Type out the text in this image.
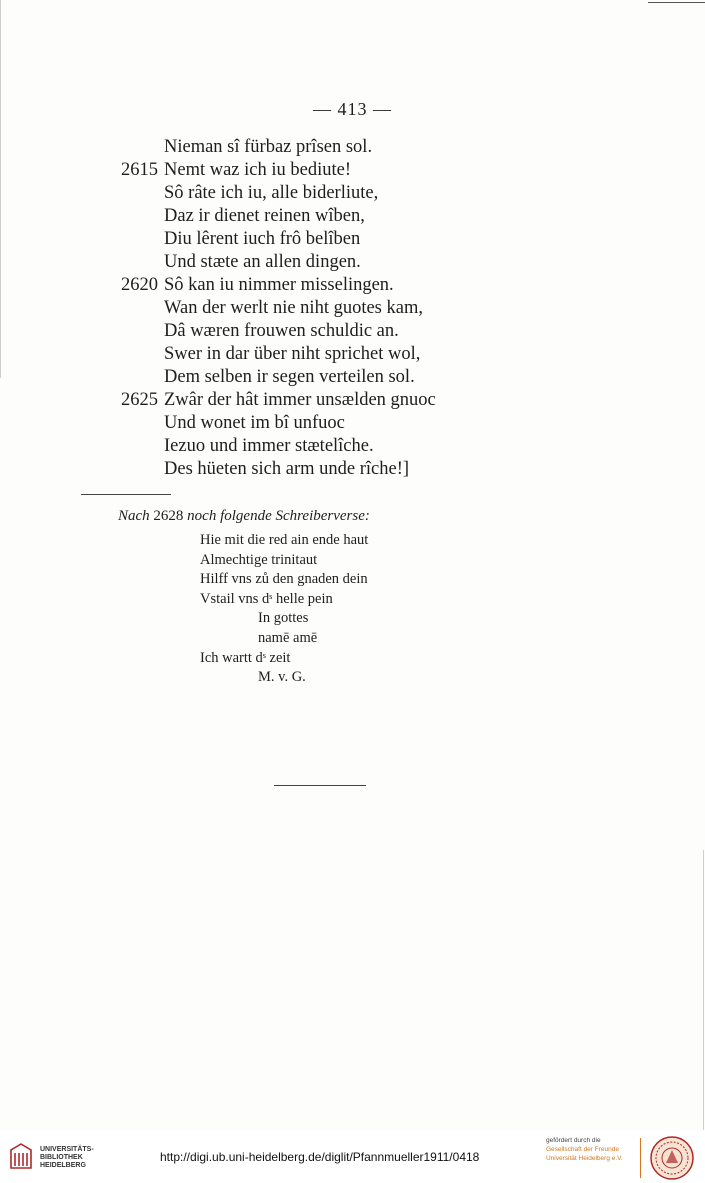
— 413 —
Nieman sî fürbaz prîsen sol.
2615 Nemt waz ich iu bediute!
Sô râte ich iu, alle biderliute,
Daz ir dienet reinen wîben,
Diu lêrent iuch frô belîben
Und stæte an allen dingen.
2620 Sô kan iu nimmer misselingen.
Wan der werlt nie niht guotes kam,
Dâ wæren frouwen schuldic an.
Swer in dar über niht sprichet wol,
Dem selben ir segen verteilen sol.
2625 Zwâr der hât immer unsælden gnuoc
Und wonet im bî unfuoc
Iezuo und immer stætelîche.
Des hüeten sich arm unde rîche!]
Nach 2628 noch folgende Schreiberverse:
Hie mit die red ain ende haut
Almechtige trinitaut
Hilff vns zů den gnaden dein
Vstail vns dˢ helle pein
In gottes
namē amē
Ich wartt dˢ zeit
M. v. G.
UNIVERSITÄTS-
BIBLIOTHEK
HEIDELBERG
http://digi.ub.uni-heidelberg.de/diglit/Pfannmueller1911/0418
gefördert durch die
Gesellschaft der Freunde
Universität Heidelberg e.V.
